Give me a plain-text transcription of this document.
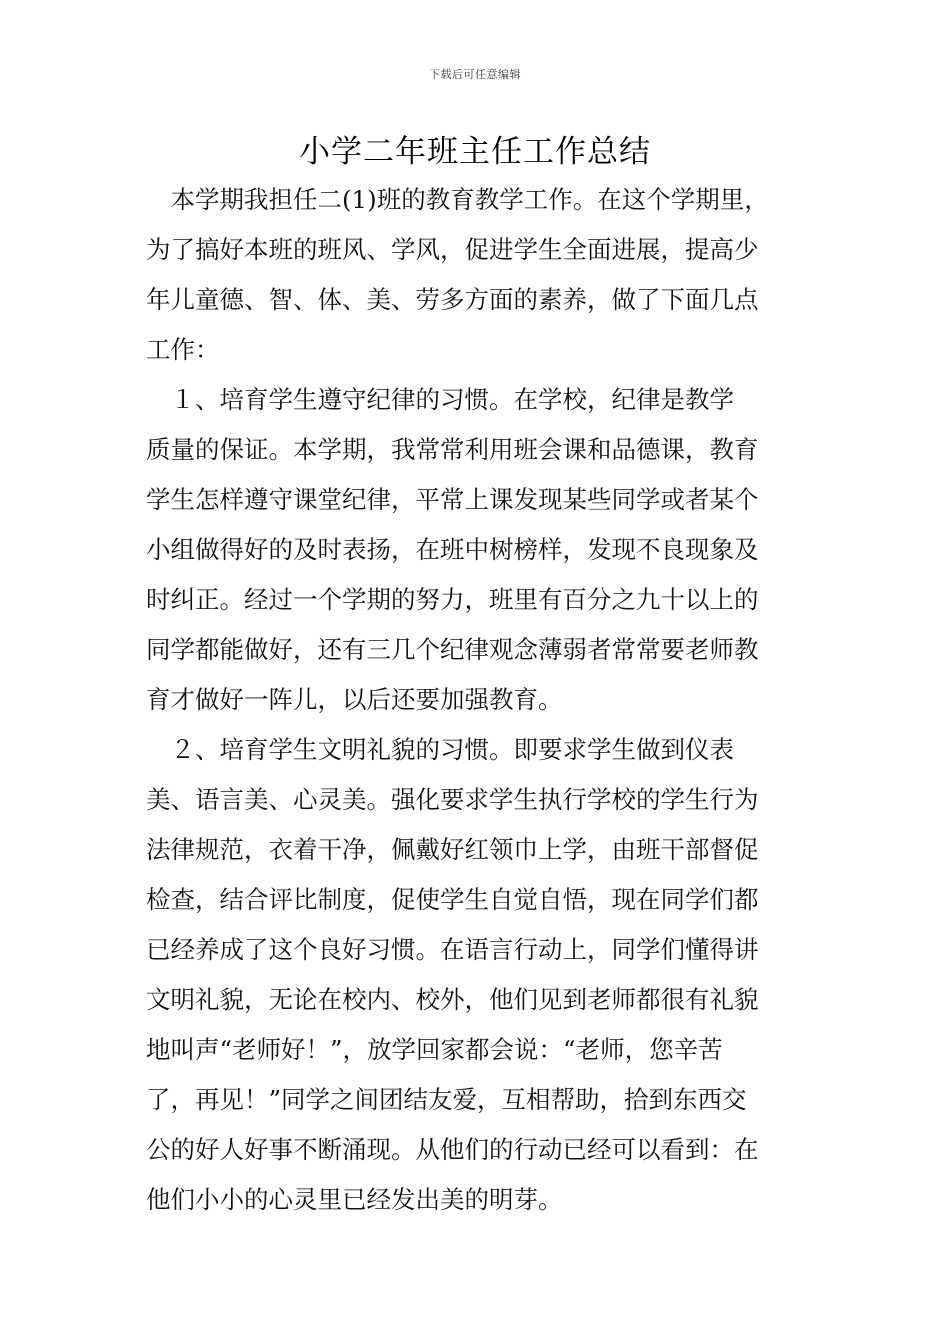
下载后可任意编辑
小学二年班主任工作总结
　本学期我担任二(1)班的教育教学工作。在这个学期里，
为了搞好本班的班风、学风，促进学生全面进展，提高少
年儿童德、智、体、美、劳多方面的素养，做了下面几点
工作：
　１、培育学生遵守纪律的习惯。在学校，纪律是教学
质量的保证。本学期，我常常利用班会课和品德课，教育
学生怎样遵守课堂纪律，平常上课发现某些同学或者某个
小组做得好的及时表扬，在班中树榜样，发现不良现象及
时纠正。经过一个学期的努力，班里有百分之九十以上的
同学都能做好，还有三几个纪律观念薄弱者常常要老师教
育才做好一阵儿，以后还要加强教育。
　２、培育学生文明礼貌的习惯。即要求学生做到仪表
美、语言美、心灵美。强化要求学生执行学校的学生行为
法律规范，衣着干净，佩戴好红领巾上学，由班干部督促
检查，结合评比制度，促使学生自觉自悟，现在同学们都
已经养成了这个良好习惯。在语言行动上，同学们懂得讲
文明礼貌，无论在校内、校外，他们见到老师都很有礼貌
地叫声“老师好！”，放学回家都会说：“老师，您辛苦
了，再见！”同学之间团结友爱，互相帮助，拾到东西交
公的好人好事不断涌现。从他们的行动已经可以看到：在
他们小小的心灵里已经发出美的明芽。
